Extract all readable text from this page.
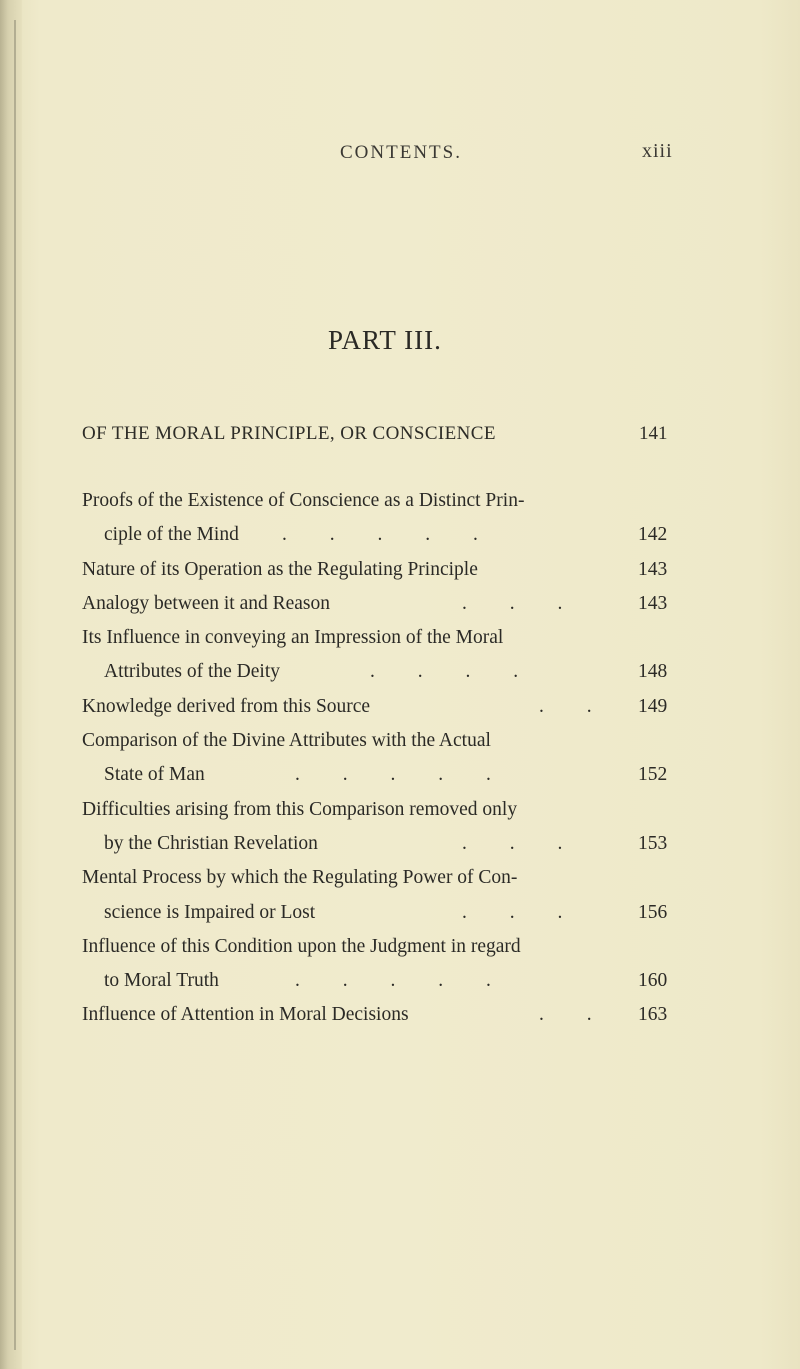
CONTENTS.	xiii
PART III.
OF THE MORAL PRINCIPLE, OR CONSCIENCE	141
Proofs of the Existence of Conscience as a Distinct Prin-
ciple of the Mind . . . . .	142
Nature of its Operation as the Regulating Principle	143
Analogy between it and Reason	. . .	143
Its Influence in conveying an Impression of the Moral
Attributes of the Deity	. . . .	148
Knowledge derived from this Source	. . 149
Comparison of the Divine Attributes with the Actual
State of Man	. . . . .	152
Difficulties arising from this Comparison removed only
by the Christian Revelation	. . .	153
Mental Process by which the Regulating Power of Con-
science is Impaired or Lost	. . .	156
Influence of this Condition upon the Judgment in regard
to Moral Truth	. . . . .	160
Influence of Attention in Moral Decisions	. . 163
